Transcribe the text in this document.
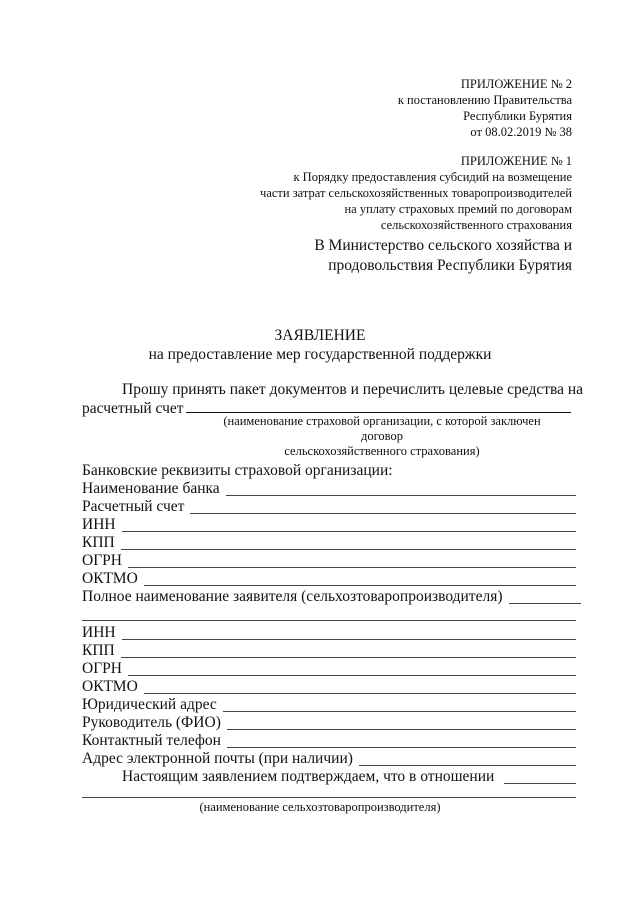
ПРИЛОЖЕНИЕ № 2
к постановлению Правительства
Республики Бурятия
от 08.02.2019 № 38
ПРИЛОЖЕНИЕ № 1
к Порядку предоставления субсидий на возмещение
части затрат сельскохозяйственных товаропроизводителей
на уплату страховых премий по договорам
сельскохозяйственного страхования
В Министерство сельского хозяйства и
продовольствия Республики Бурятия
ЗАЯВЛЕНИЕ
на предоставление мер государственной поддержки
Прошу принять пакет документов и перечислить целевые средства на
расчетный счет
(наименование страховой организации, с которой заключен договор
сельскохозяйственного страхования)
Банковские реквизиты страховой организации:
Наименование банка
Расчетный счет
ИНН
КПП
ОГРН
ОКТМО
Полное наименование заявителя (сельхозтоваропроизводителя)
ИНН
КПП
ОГРН
ОКТМО
Юридический адрес
Руководитель (ФИО)
Контактный телефон
Адрес электронной почты (при наличии)
Настоящим заявлением подтверждаем, что в отношении
(наименование сельхозтоваропроизводителя)
